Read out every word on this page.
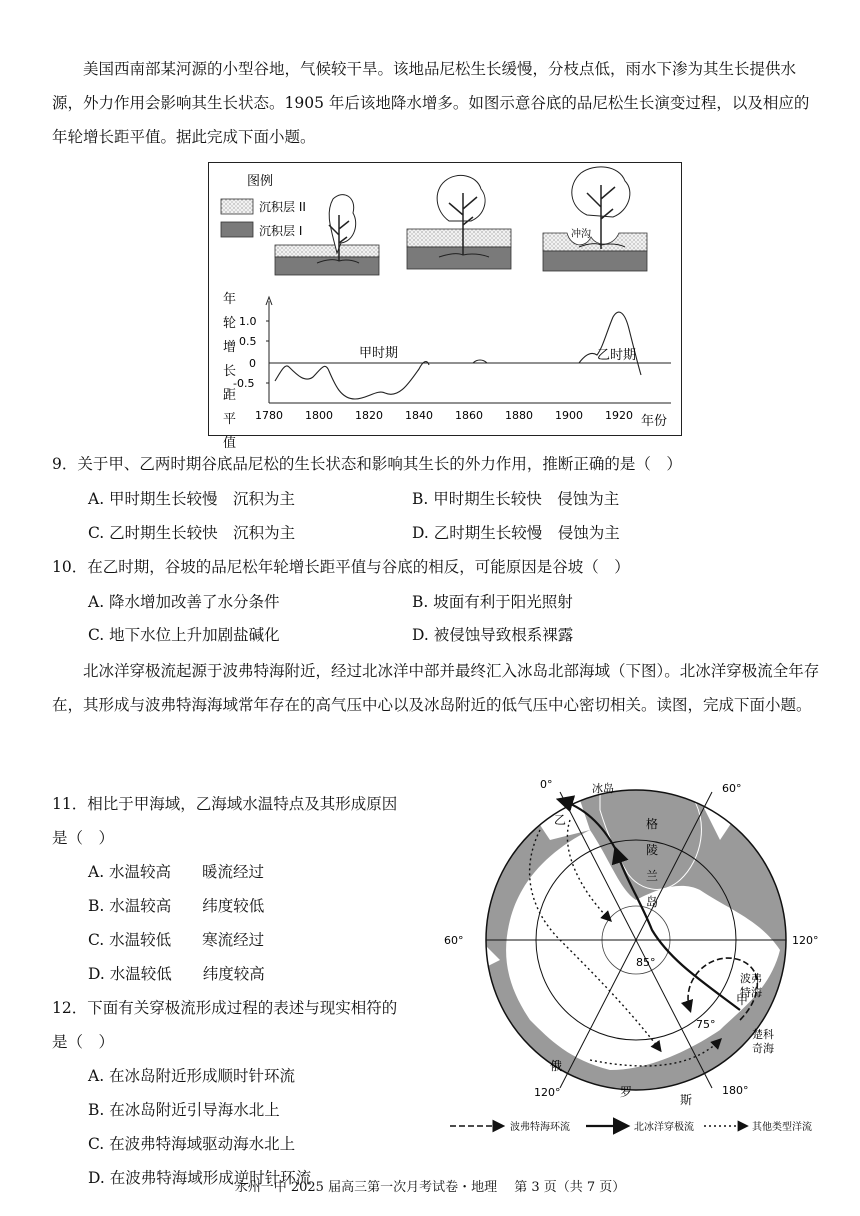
美国西南部某河源的小型谷地，气候较干旱。该地品尼松生长缓慢，分枝点低，雨水下渗为其生长提供水源，外力作用会影响其生长状态。1905 年后该地降水增多。如图示意谷底的品尼松生长演变过程，以及相应的年轮增长距平值。据此完成下面小题。

图例
沉积层 II
沉积层 I	冲沟
年
轮
增
长
距
平
值
1.0
0.5
0
-0.5
1780 1800 1820 1840 1860 1880 1900 1920 年份
甲时期	乙时期

9．关于甲、乙两时期谷底品尼松的生长状态和影响其生长的外力作用，推断正确的是（　）

A. 甲时期生长较慢　沉积为主	B. 甲时期生长较快　侵蚀为主
C. 乙时期生长较快　沉积为主	D. 乙时期生长较慢　侵蚀为主

10．在乙时期，谷坡的品尼松年轮增长距平值与谷底的相反，可能原因是谷坡（　）

A. 降水增加改善了水分条件	B. 坡面有利于阳光照射
C. 地下水位上升加剧盐碱化	D. 被侵蚀导致根系裸露

北冰洋穿极流起源于波弗特海附近，经过北冰洋中部并最终汇入冰岛北部海域（下图）。北冰洋穿极流全年存在，其形成与波弗特海海域常年存在的高气压中心以及冰岛附近的低气压中心密切相关。读图，完成下面小题。

11．相比于甲海域，乙海域水温特点及其形成原因

是（　）

A. 水温较高　　暖流经过
B. 水温较高　　纬度较低
C. 水温较低　　寒流经过
D. 水温较低　　纬度较高

12．下面有关穿极流形成过程的表述与现实相符的

是（　）

A. 在冰岛附近形成顺时针环流
B. 在冰岛附近引导海水北上
C. 在波弗特海域驱动海水北上
D. 在波弗特海域形成逆时针环流
0°	60°
60°	120°
120°	180°
85°
75°
冰岛
格
陵
兰
岛
乙
甲
波弗
特海
楚科
奇海
俄
罗
斯
波弗特海环流	北冰洋穿极流	其他类型洋流
永州一中 2025 届高三第一次月考试卷・地理　 第 3 页（共 7 页）
